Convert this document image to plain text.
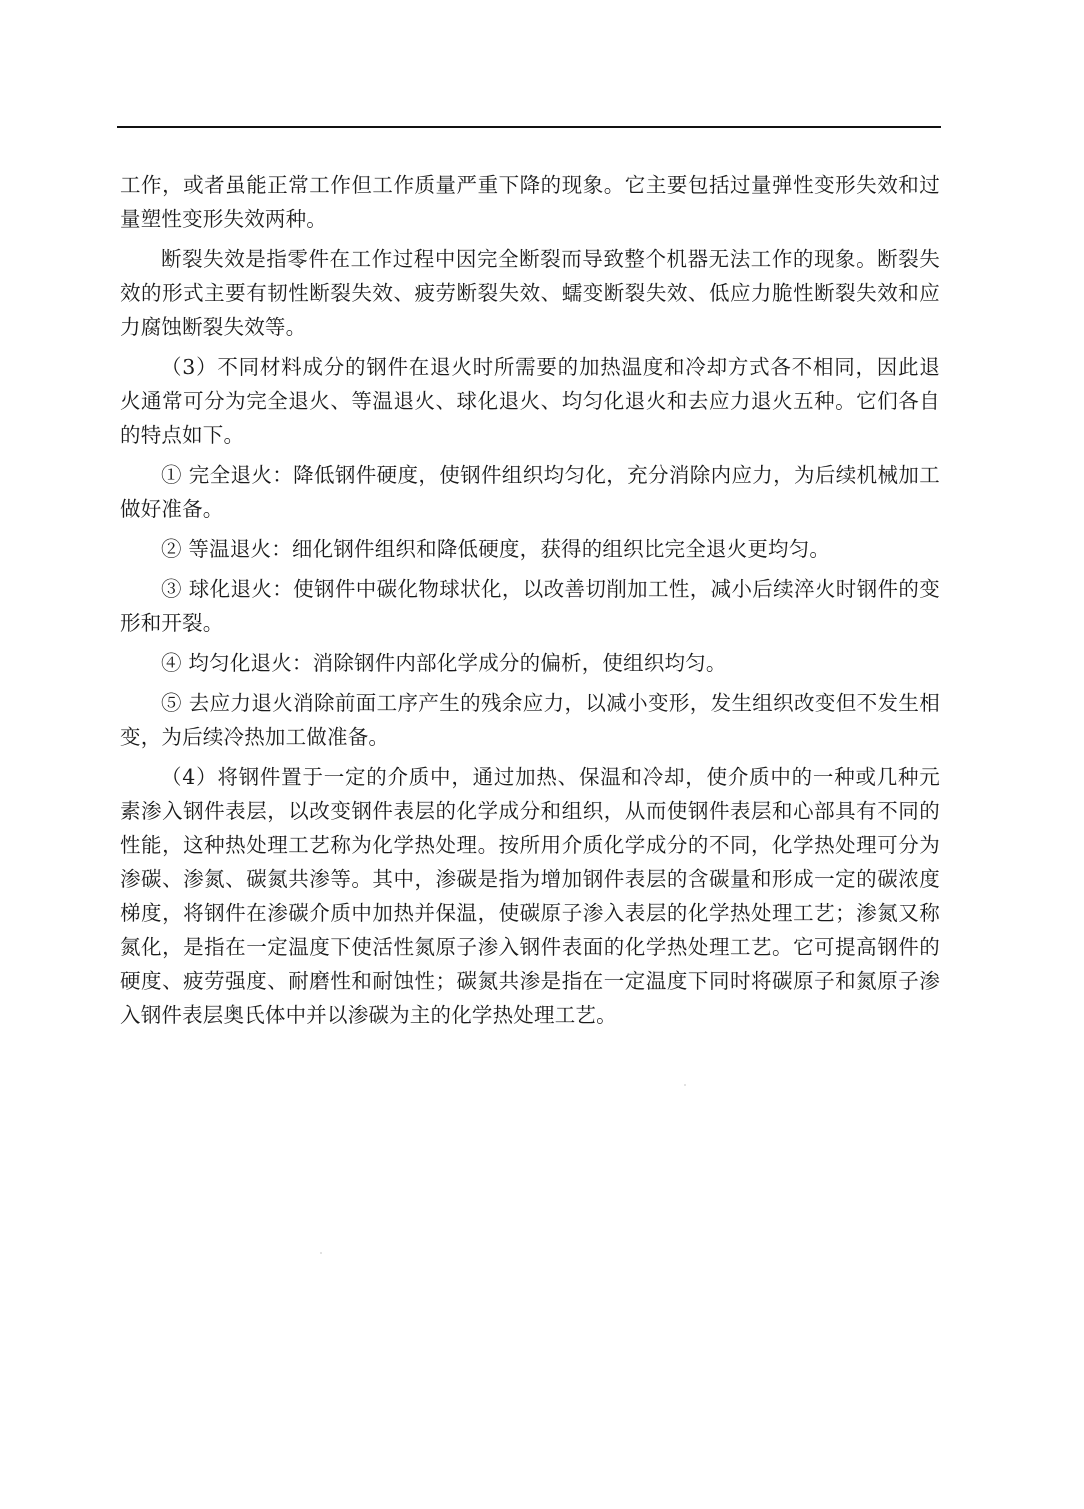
工作，或者虽能正常工作但工作质量严重下降的现象。它主要包括过量弹性变形失效和过量塑性变形失效两种。

断裂失效是指零件在工作过程中因完全断裂而导致整个机器无法工作的现象。断裂失效的形式主要有韧性断裂失效、疲劳断裂失效、蠕变断裂失效、低应力脆性断裂失效和应力腐蚀断裂失效等。

（3）不同材料成分的钢件在退火时所需要的加热温度和冷却方式各不相同，因此退火通常可分为完全退火、等温退火、球化退火、均匀化退火和去应力退火五种。它们各自的特点如下。

① 完全退火：降低钢件硬度，使钢件组织均匀化，充分消除内应力，为后续机械加工做好准备。

② 等温退火：细化钢件组织和降低硬度，获得的组织比完全退火更均匀。

③ 球化退火：使钢件中碳化物球状化，以改善切削加工性，减小后续淬火时钢件的变形和开裂。

④ 均匀化退火：消除钢件内部化学成分的偏析，使组织均匀。

⑤ 去应力退火消除前面工序产生的残余应力，以减小变形，发生组织改变但不发生相变，为后续冷热加工做准备。

（4）将钢件置于一定的介质中，通过加热、保温和冷却，使介质中的一种或几种元素渗入钢件表层，以改变钢件表层的化学成分和组织，从而使钢件表层和心部具有不同的性能，这种热处理工艺称为化学热处理。按所用介质化学成分的不同，化学热处理可分为渗碳、渗氮、碳氮共渗等。其中，渗碳是指为增加钢件表层的含碳量和形成一定的碳浓度梯度，将钢件在渗碳介质中加热并保温，使碳原子渗入表层的化学热处理工艺；渗氮又称氮化，是指在一定温度下使活性氮原子渗入钢件表面的化学热处理工艺。它可提高钢件的硬度、疲劳强度、耐磨性和耐蚀性；碳氮共渗是指在一定温度下同时将碳原子和氮原子渗入钢件表层奥氏体中并以渗碳为主的化学热处理工艺。
